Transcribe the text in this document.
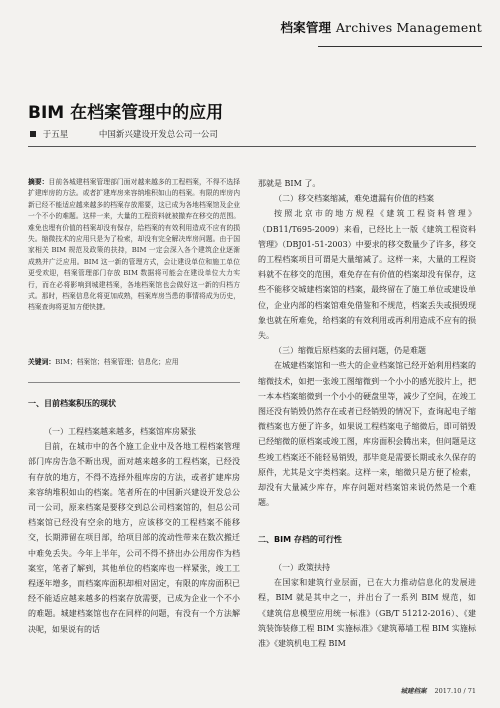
档案管理 Archives Management
BIM 在档案管理中的应用
于五星	中国新兴建设开发总公司一公司
摘要：目前各城建档案管理部门面对越来越多的工程档案，不得不选择扩建库房的方法。或者扩建库房来容纳堆积如山的档案。有限的库房内新已经不能适应越来越多的档案存放需要，这已成为各地档案馆及企业一个不小的难题。这样一来，大量的工程资料就被撤弃在移交的范围。难免也埋有价值的档案却没有保存，给档案的有效利用造成不应有的损失。缩微技术的应用只是为了检索，却没有完全解决库房问题。由于国家相关 BIM 规范及政策的扶持，BIM 一定会深入各个建筑企业逐渐成熟并广泛应用。BIM 这一新的管理方式，会让建设单位和施工单位更受欢迎，档案管理部门存放 BIM 数据将可能会在建设单位大力实行，而在必将影响到城建档案，各地档案馆也会做好这一新的归档方式。那时，档案信息化将更加成熟，档案库房当患的事情将成为历史，档案查询将更加方便快捷。
关键词：BIM；档案馆；档案管理；信息化；应用
一、目前档案积压的现状

（一）工程档案越来越多，档案馆库房紧张

目前，在城市中的各个施工企业中及各地工程档案管理部门库房告急不断出现，面对越来越多的工程档案，已经没有存放的地方，不得不选择外租库房的方法，或者扩建库房来容纳堆积如山的档案。笔者所在的中国新兴建设开发总公司一公司，原来档案是要移交到总公司档案馆的，但总公司档案馆已经没有空余的地方，应该移交的工程档案不能移交，长期滞留在项目部，给项目部的流动性带来在数次搬迁中难免丢失。今年上半年，公司不得不挤出办公用房作为档案室，笔者了解到，其他单位的档案库也一样紧张，竣工工程逐年增多，而档案库面积却相对固定，有限的库房面积已经不能适应越来越多的档案存放需要，已成为企业一个不小的难题。城建档案馆也存在同样的问题，有没有一个方法解决呢，如果说有的话

那就是 BIM 了。

（二）移交档案缩减，难免遗漏有价值的档案

按照北京市的地方规程《建筑工程资料管理》（DB11/T695-2009）来看，已经比上一版《建筑工程资料管理》（DBJ01-51-2003）中要求的移交数量少了许多，移交的工程档案项目可谓是大量缩减了。这样一来，大量的工程资料就不在移交的范围，难免存在有价值的档案却没有保存，这些不能移交城建档案馆的档案，最终留在了施工单位或建设单位，企业内部的档案馆难免借鉴和不规范，档案丢失或损毁现象也就在所难免，给档案的有效利用或再利用造成不应有的损失。

（三）缩微后原档案的去留问题，仍是难题

在城建档案馆和一些大的企业档案馆已经开始利用档案的缩微技术，如把一张竣工图缩微到一个小小的感光胶片上，把一本本档案缩微到一个小小的硬盘里等，减少了空间，在竣工图还没有销毁仍然存在或者已经销毁的情况下，查询起电子缩微档案也方便了许多，如果说工程档案电子缩微后，即可销毁已经缩微的原档案或竣工图，库房面积会腾出来，但问题是这些竣工档案还不能轻易销毁，那毕竟是需要长期或永久保存的原件，尤其是文字类档案。这样一来，缩微只是方便了检索，却没有大量减少库存，库存问题对档案馆来说仍然是一个难题。

二、BIM 存档的可行性

（一）政策扶持

在国家和建筑行业层面，已在大力推动信息化的发展进程，BIM 就是其中之一，并出台了一系列 BIM 规范，如《建筑信息模型应用统一标准》（GB/T 51212-2016）、《建筑装饰装修工程 BIM 实施标准》《建筑幕墙工程 BIM 实施标准》《建筑机电工程 BIM

城建档案 2017.10 / 71
